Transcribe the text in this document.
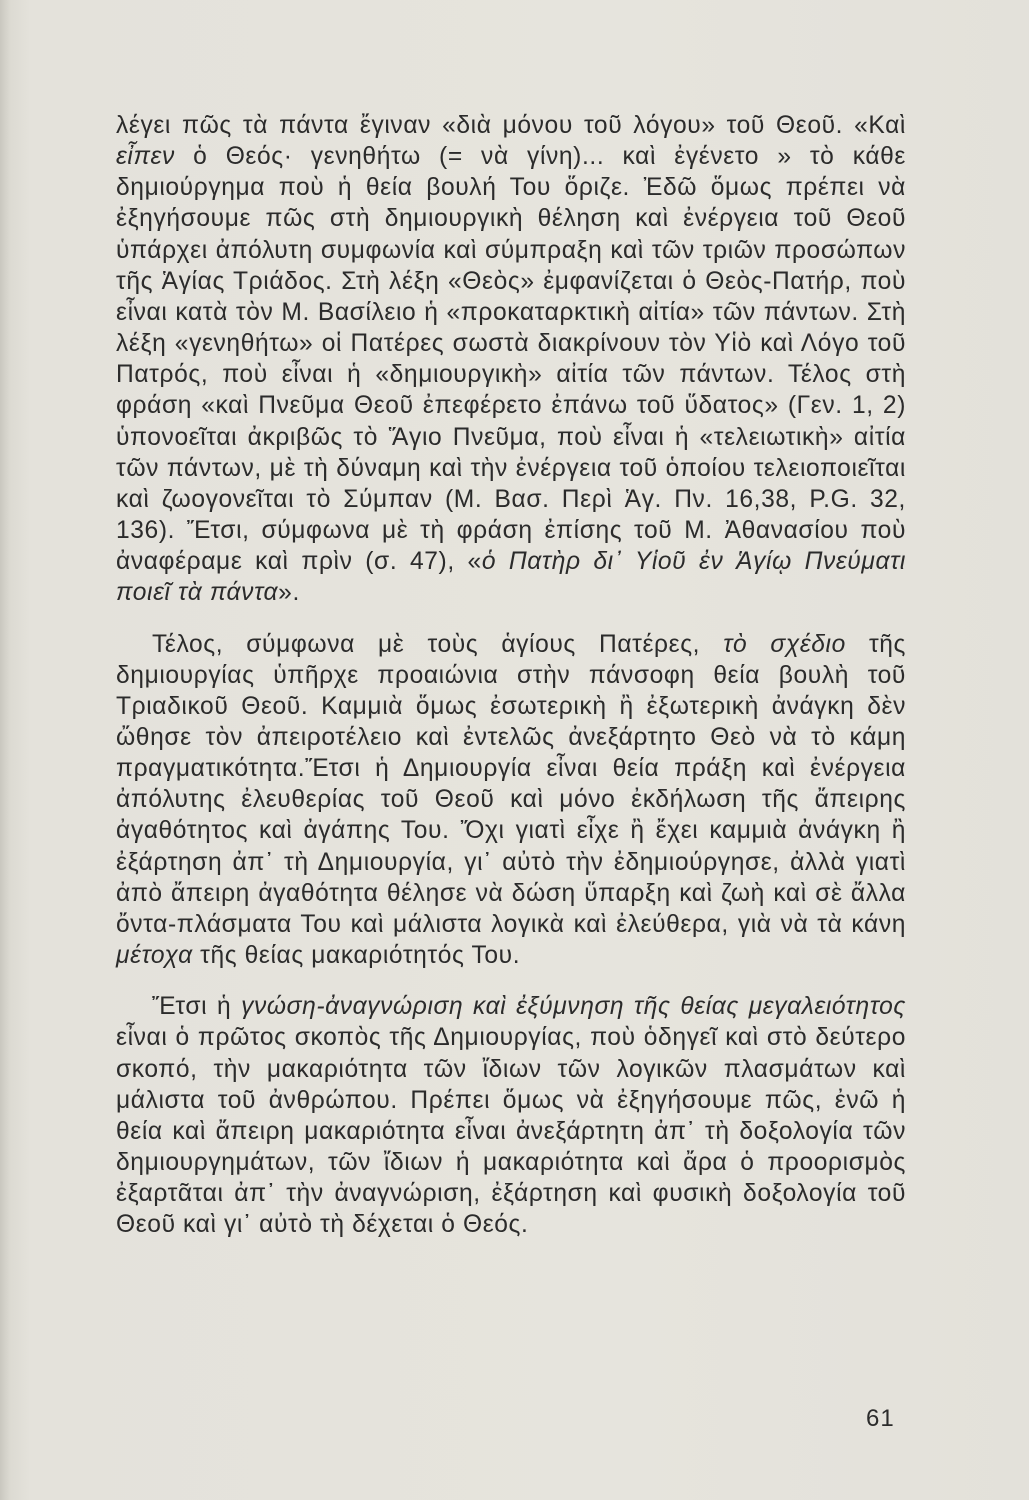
λέγει πῶς τὰ πάντα ἔγιναν «διὰ μόνου τοῦ λόγου» τοῦ Θεοῦ. «Καὶ εἶπεν ὁ Θεός· γενηθήτω (= νὰ γίνη)... καὶ ἐγένετο » τὸ κάθε δημιούργημα ποὺ ἡ θεία βουλή Του ὅριζε. Ἐδῶ ὅμως πρέπει νὰ ἐξηγήσουμε πῶς στὴ δημιουργικὴ θέληση καὶ ἐνέργεια τοῦ Θεοῦ ὑπάρχει ἀπόλυτη συμφωνία καὶ σύμπραξη καὶ τῶν τριῶν προσώπων τῆς Ἁγίας Τριάδος. Στὴ λέξη «Θεὸς» ἐμφανίζεται ὁ Θεὸς-Πατήρ, ποὺ εἶναι κατὰ τὸν Μ. Βασίλειο ἡ «προκαταρκτικὴ αἰτία» τῶν πάντων. Στὴ λέξη «γενηθήτω» οἱ Πατέρες σωστὰ διακρίνουν τὸν Υἱὸ καὶ Λόγο τοῦ Πατρός, ποὺ εἶναι ἡ «δημιουργικὴ» αἰτία τῶν πάντων. Τέλος στὴ φράση «καὶ Πνεῦμα Θεοῦ ἐπεφέρετο ἐπάνω τοῦ ὕδατος» (Γεν. 1, 2) ὑπονοεῖται ἀκριβῶς τὸ Ἅγιο Πνεῦμα, ποὺ εἶναι ἡ «τελειωτικὴ» αἰτία τῶν πάντων, μὲ τὴ δύναμη καὶ τὴν ἐνέργεια τοῦ ὁποίου τελειοποιεῖται καὶ ζωογονεῖται τὸ Σύμπαν (Μ. Βασ. Περὶ Ἁγ. Πν. 16,38, P.G. 32, 136). Ἔτσι, σύμφωνα μὲ τὴ φράση ἐπίσης τοῦ Μ. Ἀθανασίου ποὺ ἀναφέραμε καὶ πρὶν (σ. 47), «ὁ Πατὴρ δι᾽ Υἱοῦ ἐν Ἁγίῳ Πνεύματι ποιεῖ τὰ πάντα».

Τέλος, σύμφωνα μὲ τοὺς ἁγίους Πατέρες, τὸ σχέδιο τῆς δημιουργίας ὑπῆρχε προαιώνια στὴν πάνσοφη θεία βουλὴ τοῦ Τριαδικοῦ Θεοῦ. Καμμιὰ ὅμως ἐσωτερικὴ ἢ ἐξωτερικὴ ἀνάγκη δὲν ὤθησε τὸν ἀπειροτέλειο καὶ ἐντελῶς ἀνεξάρτητο Θεὸ νὰ τὸ κάμη πραγματικότητα.Ἔτσι ἡ Δημιουργία εἶναι θεία πράξη καὶ ἐνέργεια ἀπόλυτης ἐλευθερίας τοῦ Θεοῦ καὶ μόνο ἐκδήλωση τῆς ἄπειρης ἀγαθότητος καὶ ἀγάπης Του. Ὄχι γιατὶ εἶχε ἢ ἔχει καμμιὰ ἀνάγκη ἢ ἐξάρτηση ἀπ᾽ τὴ Δημιουργία, γι᾽ αὐτὸ τὴν ἐδημιούργησε, ἀλλὰ γιατὶ ἀπὸ ἄπειρη ἀγαθότητα θέλησε νὰ δώση ὕπαρξη καὶ ζωὴ καὶ σὲ ἄλλα ὄντα-πλάσματα Του καὶ μάλιστα λογικὰ καὶ ἐλεύθερα, γιὰ νὰ τὰ κάνη μέτοχα τῆς θείας μακαριότητός Του.

Ἔτσι ἡ γνώση-ἀναγνώριση καὶ ἐξύμνηση τῆς θείας μεγαλειότητος εἶναι ὁ πρῶτος σκοπὸς τῆς Δημιουργίας, ποὺ ὁδηγεῖ καὶ στὸ δεύτερο σκοπό, τὴν μακαριότητα τῶν ἴδιων τῶν λογικῶν πλασμάτων καὶ μάλιστα τοῦ ἀνθρώπου. Πρέπει ὅμως νὰ ἐξηγήσουμε πῶς, ἐνῶ ἡ θεία καὶ ἄπειρη μακαριότητα εἶναι ἀνεξάρτητη ἀπ᾽ τὴ δοξολογία τῶν δημιουργημάτων, τῶν ἴδιων ἡ μακαριότητα καὶ ἄρα ὁ προορισμὸς ἐξαρτᾶται ἀπ᾽ τὴν ἀναγνώριση, ἐξάρτηση καὶ φυσικὴ δοξολογία τοῦ Θεοῦ καὶ γι᾽ αὐτὸ τὴ δέχεται ὁ Θεός.

61
